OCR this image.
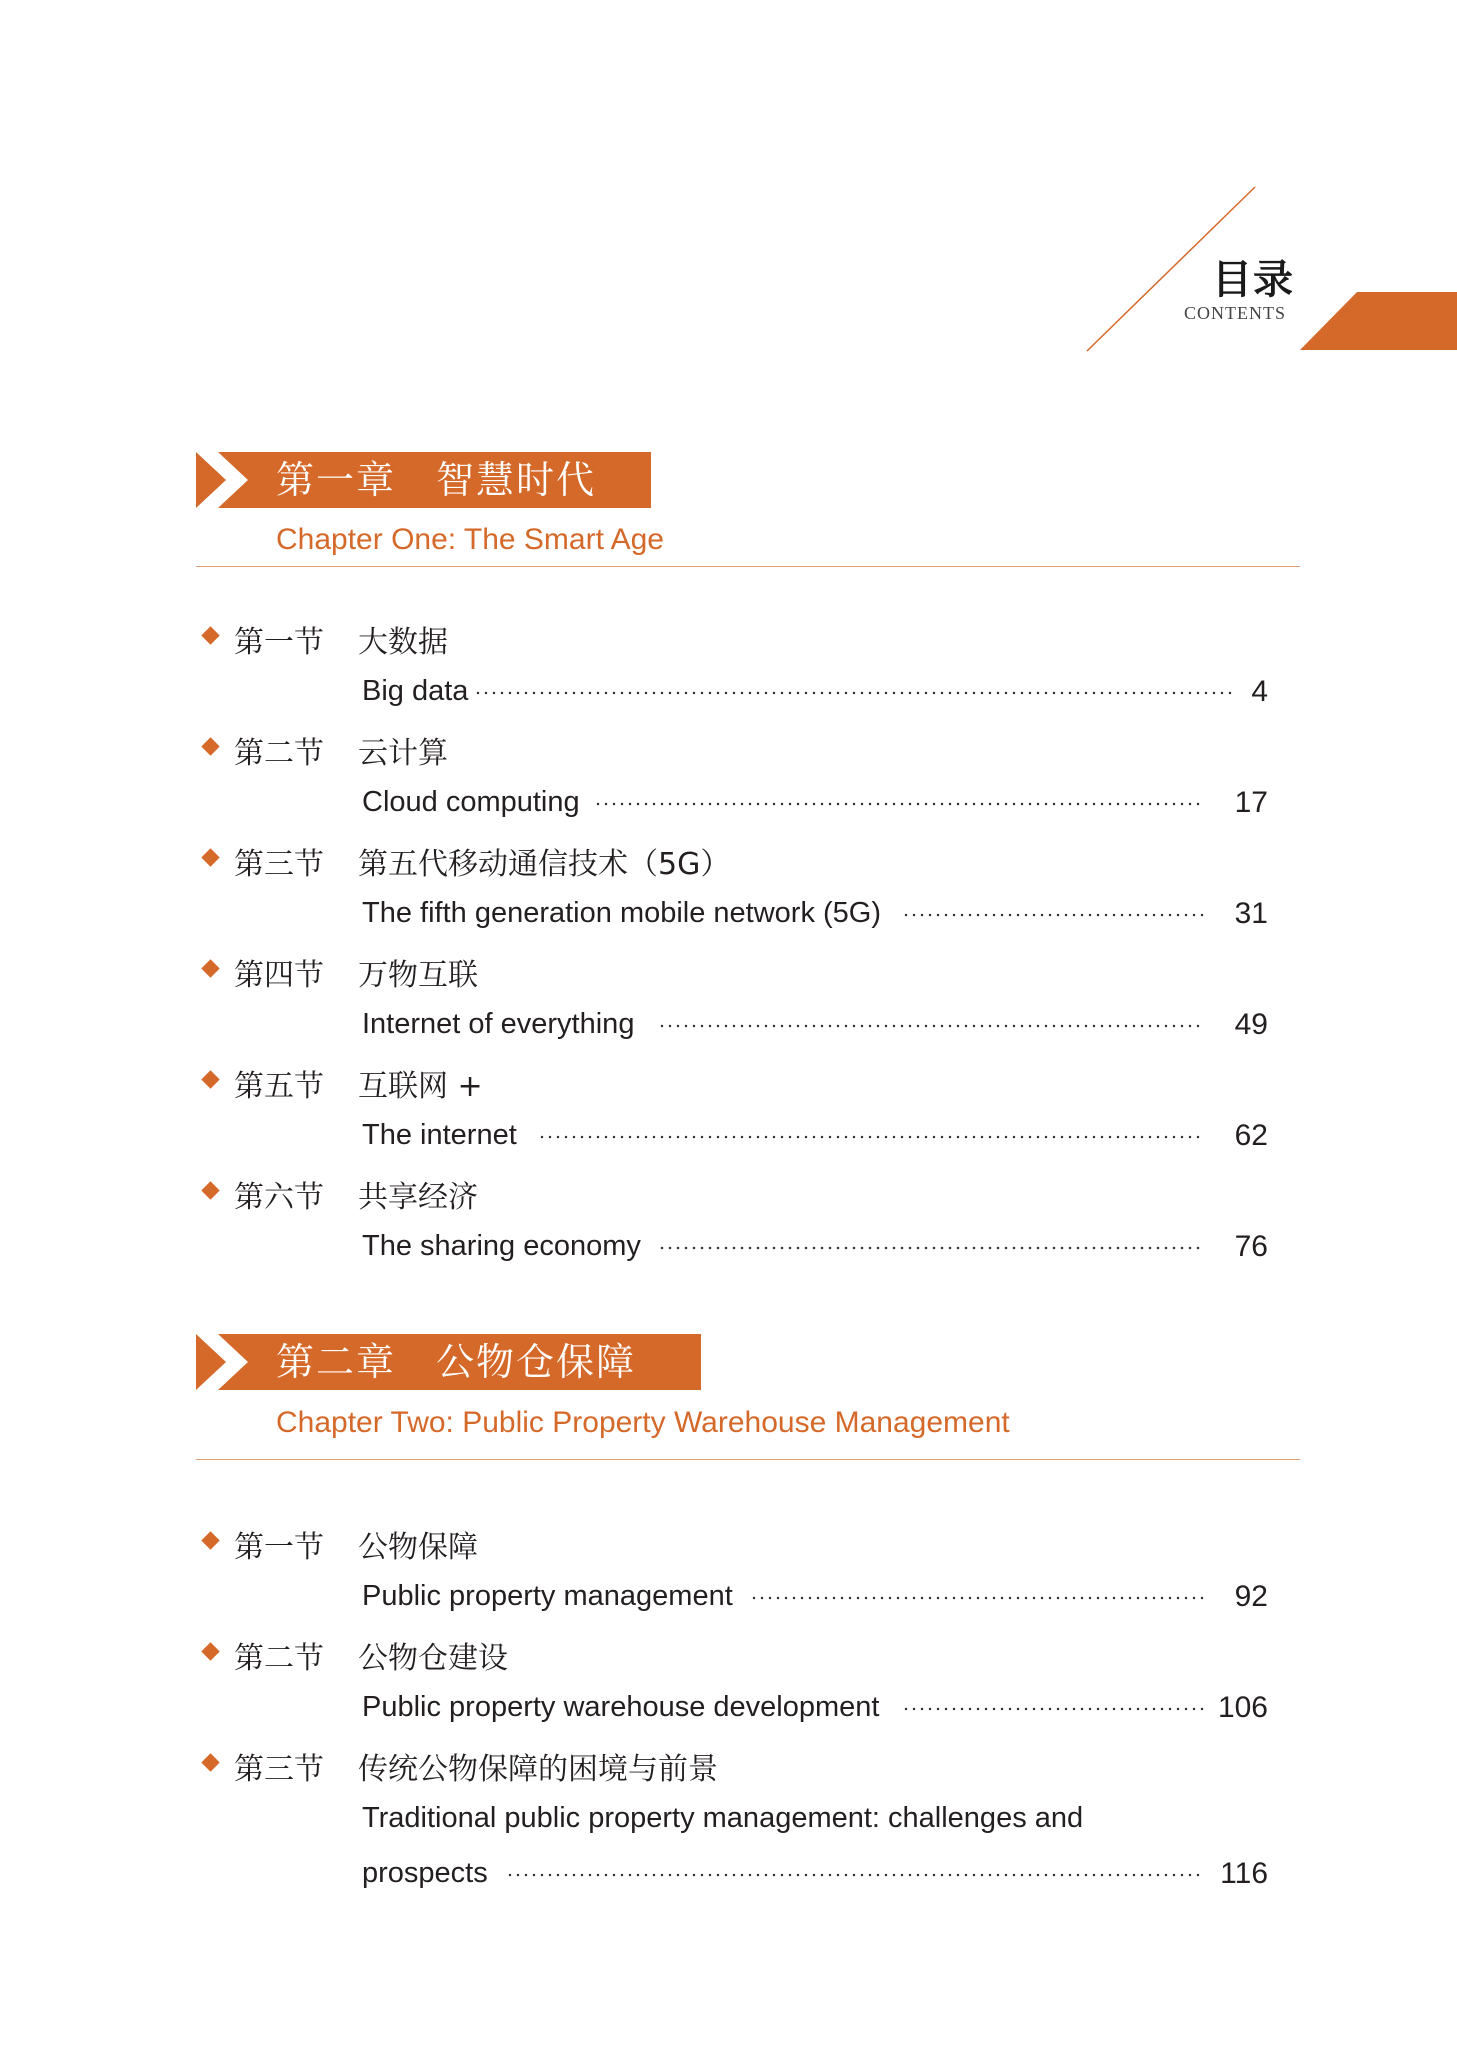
目录
CONTENTS
第一章　智慧时代
Chapter One: The Smart Age
第一节 大数据
Big data	4
第二节 云计算
Cloud computing	17
第三节 第五代移动通信技术（5G）
The fifth generation mobile network (5G)	31
第四节 万物互联
Internet of everything	49
第五节 互联网 +
The internet	62
第六节 共享经济
The sharing economy	76
第二章　公物仓保障
Chapter Two: Public Property Warehouse Management
第一节 公物保障
Public property management	92
第二节 公物仓建设
Public property warehouse development	106
第三节 传统公物保障的困境与前景
Traditional public property management: challenges and
prospects	116
